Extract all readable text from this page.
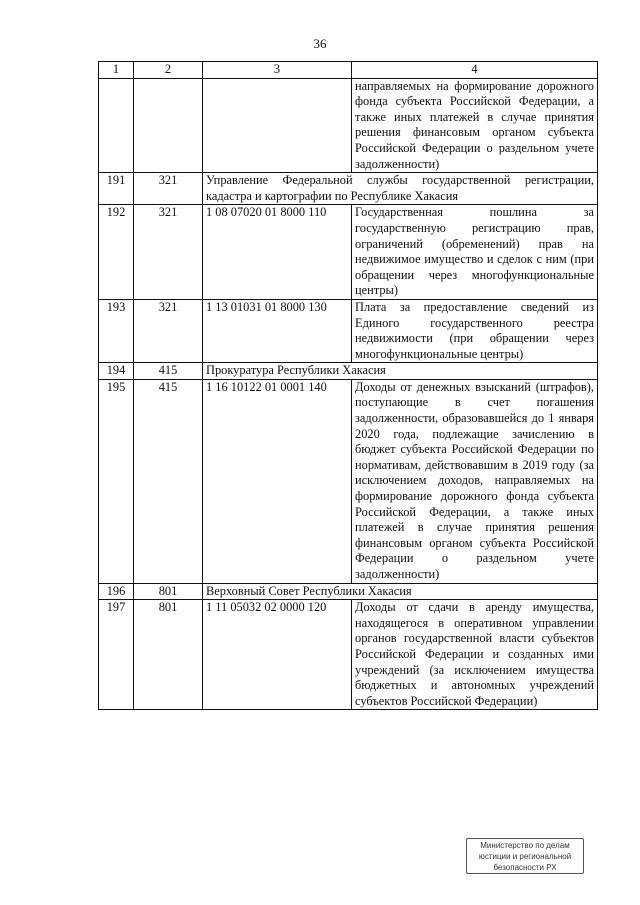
36
1	2	3	4
			направляемых на формирование дорожного фонда субъекта Российской Федерации, а также иных платежей в случае принятия решения финансовым органом субъекта Российской Федерации о раздельном учете задолженности)
191	321	Управление Федеральной службы государственной регистрации, кадастра и картографии по Республике Хакасия	
192	321	1 08 07020 01 8000 110	Государственная пошлина за государственную регистрацию прав, ограничений (обременений) прав на недвижимое имущество и сделок с ним (при обращении через многофункциональные центры)
193	321	1 13 01031 01 8000 130	Плата за предоставление сведений из Единого государственного реестра недвижимости (при обращении через многофункциональные центры)
194	415	Прокуратура Республики Хакасия	
195	415	1 16 10122 01 0001 140	Доходы от денежных взысканий (штрафов), поступающие в счет погашения задолженности, образовавшейся до 1 января 2020 года, подлежащие зачислению в бюджет субъекта Российской Федерации по нормативам, действовавшим в 2019 году (за исключением доходов, направляемых на формирование дорожного фонда субъекта Российской Федерации, а также иных платежей в случае принятия решения финансовым органом субъекта Российской Федерации о раздельном учете задолженности)
196	801	Верховный Совет Республики Хакасия	
197	801	1 11 05032 02 0000 120	Доходы от сдачи в аренду имущества, находящегося в оперативном управлении органов государственной власти субъектов Российской Федерации и созданных ими учреждений (за исключением имущества бюджетных и автономных учреждений субъектов Российской Федерации)
Министерство по делам
юстиции и региональной
безопасности РХ
